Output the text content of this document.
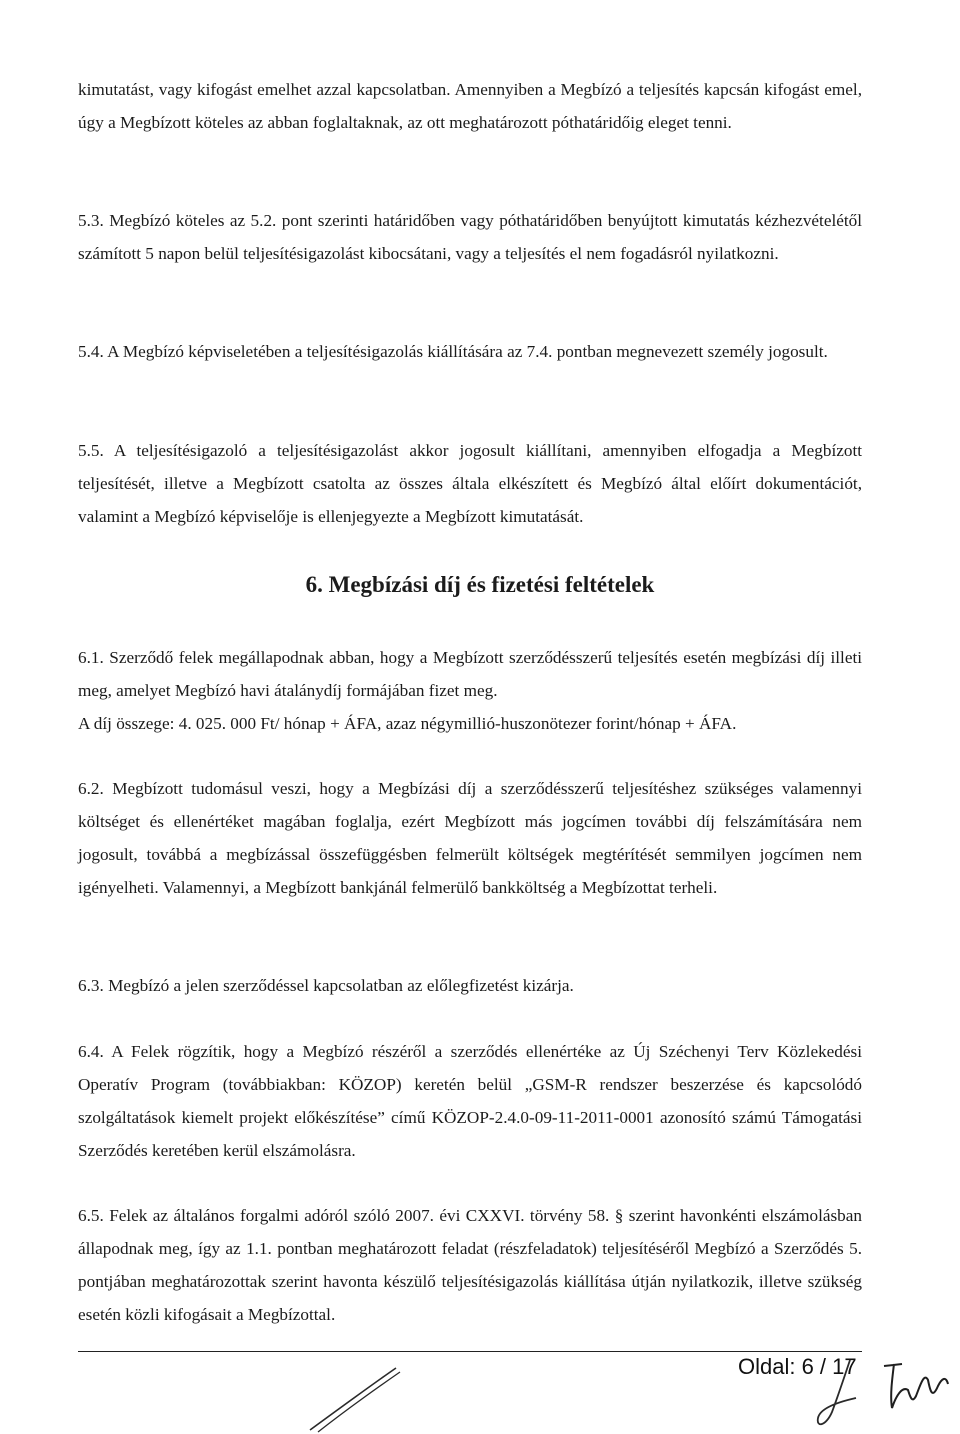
kimutatást, vagy kifogást emelhet azzal kapcsolatban. Amennyiben a Megbízó a teljesítés kapcsán kifogást emel, úgy a Megbízott köteles az abban foglaltaknak, az ott meghatározott póthatáridőig eleget tenni.

5.3. Megbízó köteles az 5.2. pont szerinti határidőben vagy póthatáridőben benyújtott kimutatás kézhezvételétől számított 5 napon belül teljesítésigazolást kibocsátani, vagy a teljesítés el nem fogadásról nyilatkozni.

5.4. A Megbízó képviseletében a teljesítésigazolás kiállítására az 7.4. pontban megnevezett személy jogosult.

5.5. A teljesítésigazoló a teljesítésigazolást akkor jogosult kiállítani, amennyiben elfogadja a Megbízott teljesítését, illetve a Megbízott csatolta az összes általa elkészített és Megbízó által előírt dokumentációt, valamint a Megbízó képviselője is ellenjegyezte a Megbízott kimutatását.

6. Megbízási díj és fizetési feltételek

6.1. Szerződő felek megállapodnak abban, hogy a Megbízott szerződésszerű teljesítés esetén megbízási díj illeti meg, amelyet Megbízó havi átalánydíj formájában fizet meg.

A díj összege: 4. 025. 000 Ft/ hónap + ÁFA, azaz négymillió-huszonötezer forint/hónap + ÁFA.

6.2. Megbízott tudomásul veszi, hogy a Megbízási díj a szerződésszerű teljesítéshez szükséges valamennyi költséget és ellenértéket magában foglalja, ezért Megbízott más jogcímen további díj felszámítására nem jogosult, továbbá a megbízással összefüggésben felmerült költségek megtérítését semmilyen jogcímen nem igényelheti. Valamennyi, a Megbízott bankjánál felmerülő bankköltség a Megbízottat terheli.

6.3. Megbízó a jelen szerződéssel kapcsolatban az előlegfizetést kizárja.

6.4. A Felek rögzítik, hogy a Megbízó részéről a szerződés ellenértéke az Új Széchenyi Terv Közlekedési Operatív Program (továbbiakban: KÖZOP) keretén belül „GSM-R rendszer beszerzése és kapcsolódó szolgáltatások kiemelt projekt előkészítése” című KÖZOP-2.4.0-09-11-2011-0001 azonosító számú Támogatási Szerződés keretében kerül elszámolásra.

6.5. Felek az általános forgalmi adóról szóló 2007. évi CXXVI. törvény 58. § szerint havonkénti elszámolásban állapodnak meg, így az 1.1. pontban meghatározott feladat (részfeladatok) teljesítéséről Megbízó a Szerződés 5. pontjában meghatározottak szerint havonta készülő teljesítésigazolás kiállítása útján nyilatkozik, illetve szükség esetén közli kifogásait a Megbízottal.

Oldal: 6 / 17
